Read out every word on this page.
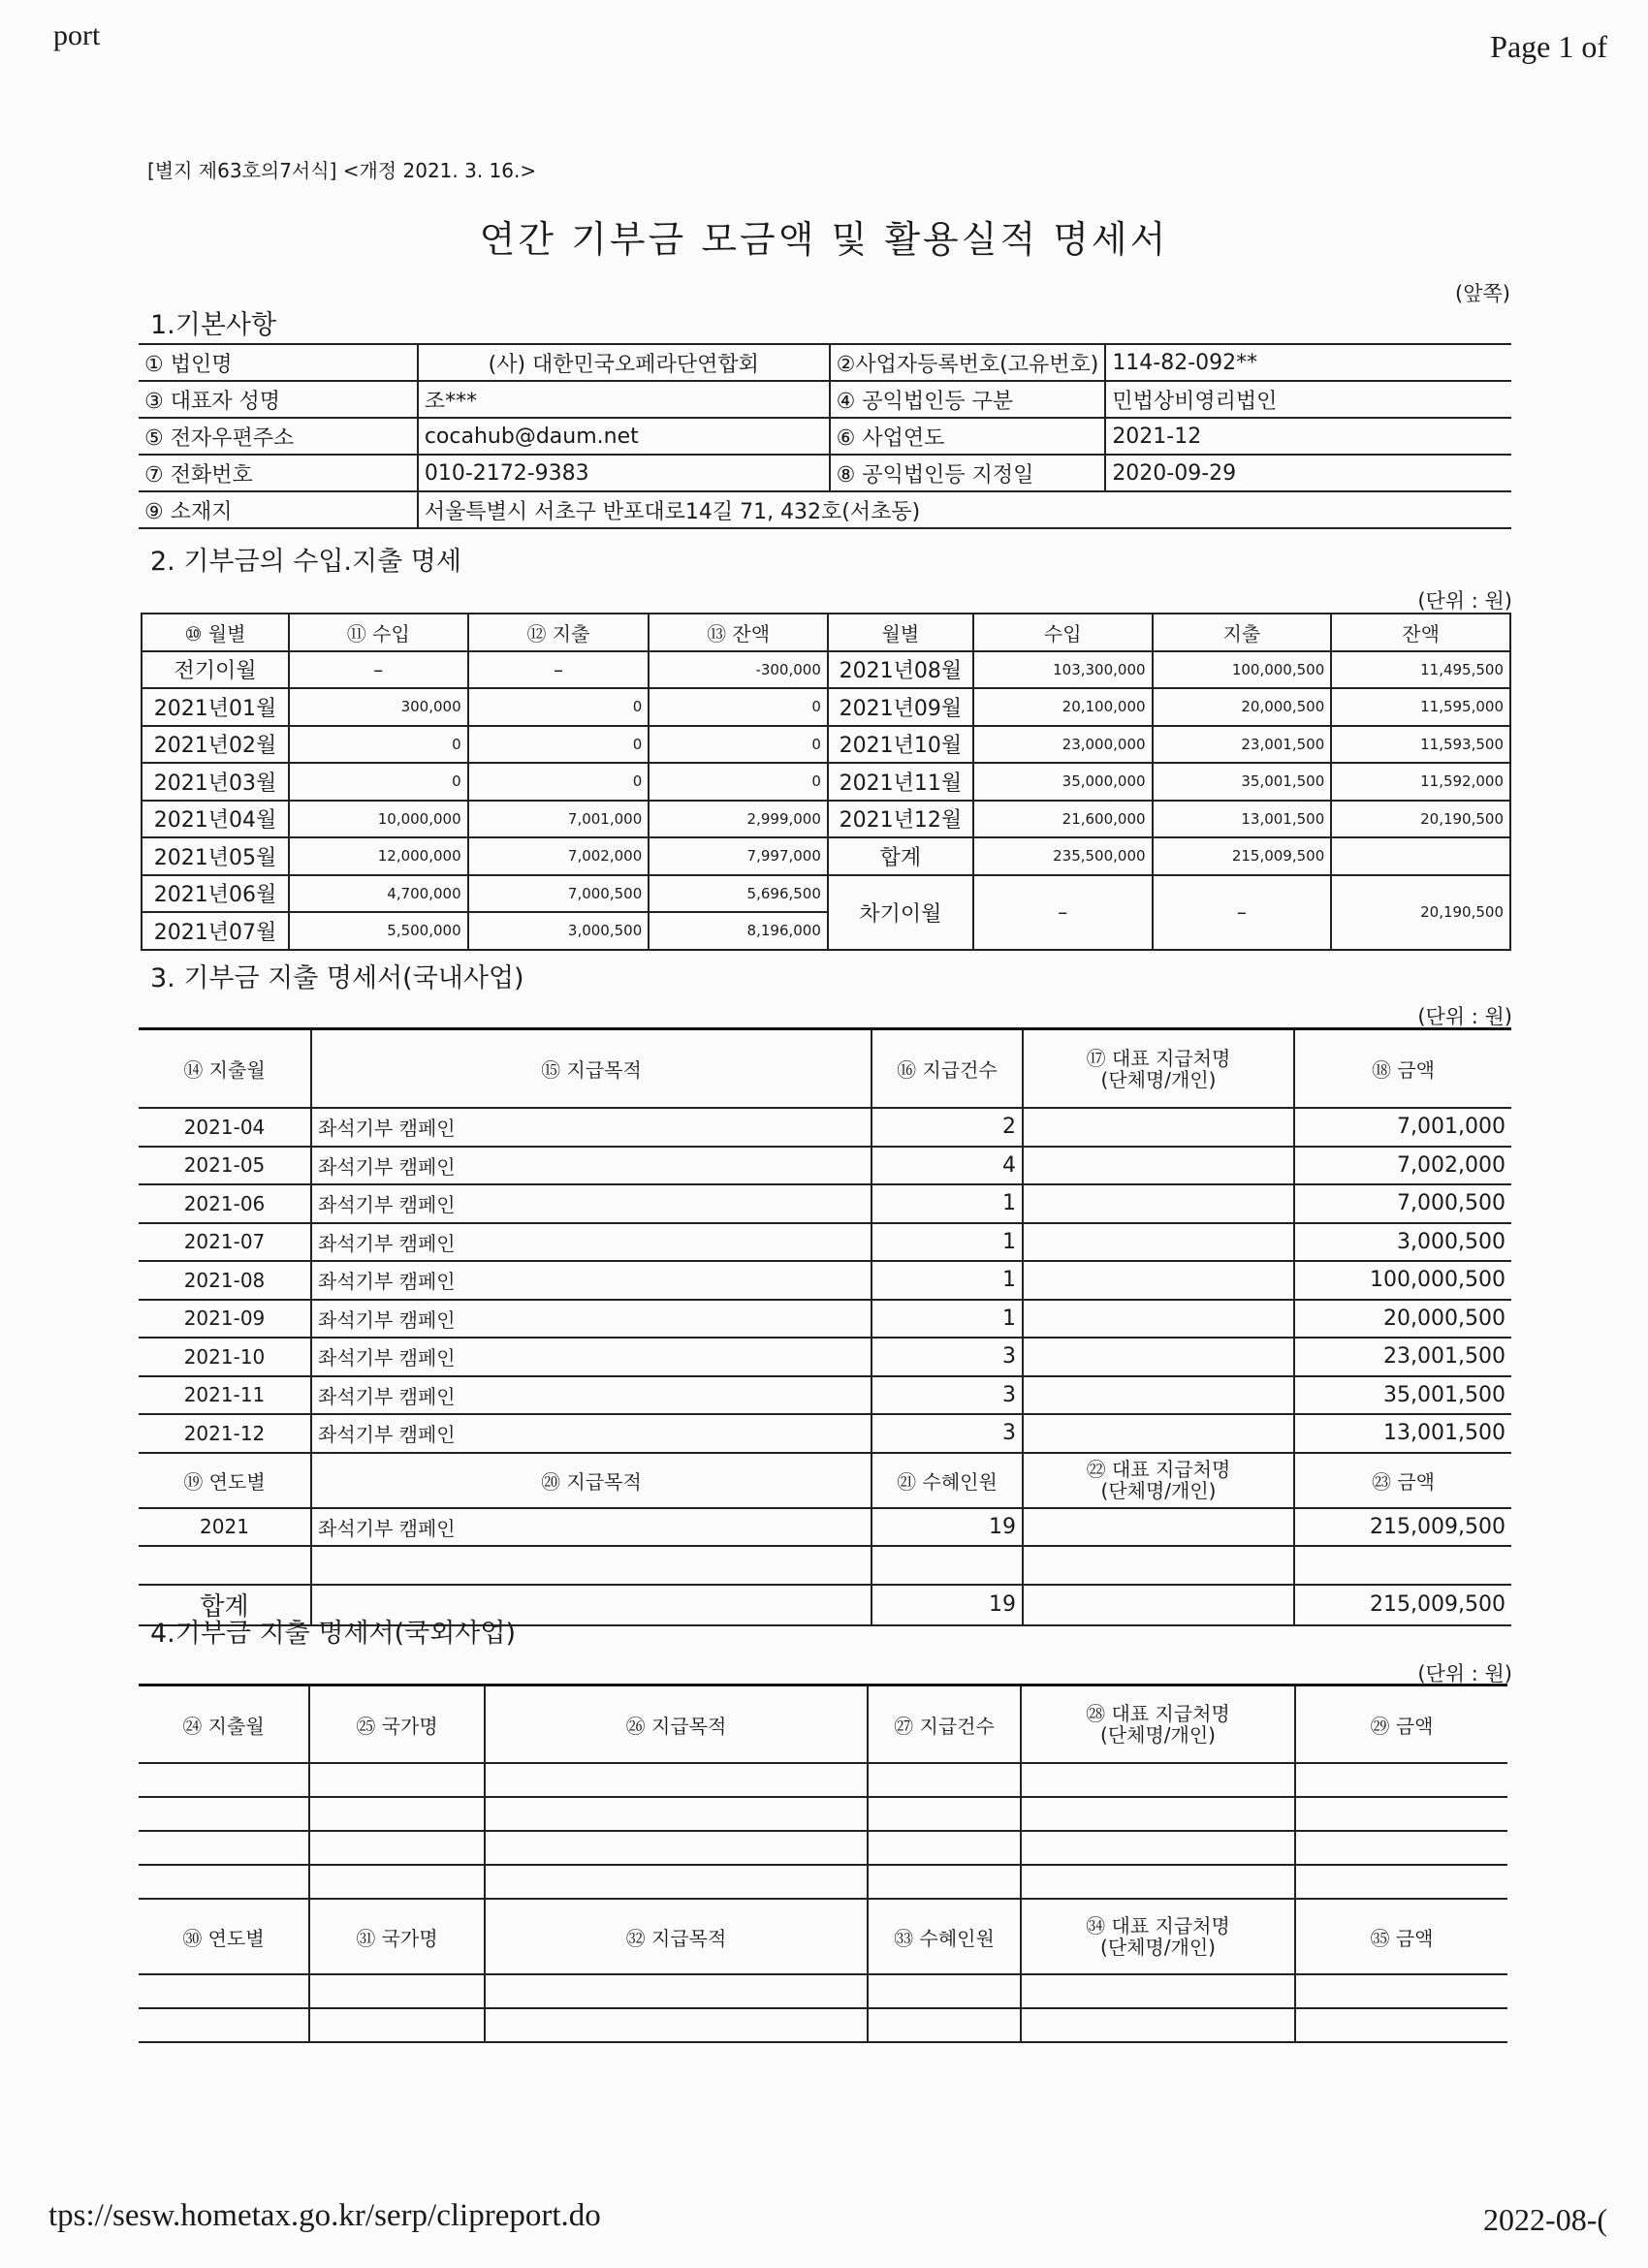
port	Page 1 of
tps://sesw.hometax.go.kr/serp/clipreport.do	2022-08-(
[별지 제63호의7서식] <개정 2021. 3. 16.>
연간 기부금 모금액 및 활용실적 명세서
(앞쪽)
1.기본사항
① 법인명	(사) 대한민국오페라단연합회	②사업자등록번호(고유번호)	114-82-092**
③ 대표자 성명	조***	④ 공익법인등 구분	민법상비영리법인
⑤ 전자우편주소	cocahub@daum.net	⑥ 사업연도	2021-12
⑦ 전화번호	010-2172-9383	⑧ 공익법인등 지정일	2020-09-29
⑨ 소재지	서울특별시 서초구 반포대로14길 71, 432호(서초동)		
2. 기부금의 수입.지출 명세
(단위 : 원)
⑩ 월별	⑪ 수입	⑫ 지출	⑬ 잔액	월별	수입	지출	잔액
전기이월	–	–	-300,000	2021년08월	103,300,000	100,000,500	11,495,500
2021년01월	300,000	0	0	2021년09월	20,100,000	20,000,500	11,595,000
2021년02월	0	0	0	2021년10월	23,000,000	23,001,500	11,593,500
2021년03월	0	0	0	2021년11월	35,000,000	35,001,500	11,592,000
2021년04월	10,000,000	7,001,000	2,999,000	2021년12월	21,600,000	13,001,500	20,190,500
2021년05월	12,000,000	7,002,000	7,997,000	합계	235,500,000	215,009,500	
2021년06월	4,700,000	7,000,500	5,696,500	차기이월	–	–	20,190,500
2021년07월	5,500,000	3,000,500	8,196,000				
3. 기부금 지출 명세서(국내사업)
(단위 : 원)
⑭ 지출월	⑮ 지급목적	⑯ 지급건수	⑰ 대표 지급처명
(단체명/개인)	⑱ 금액
2021-04	좌석기부 캠페인	2		7,001,000
2021-05	좌석기부 캠페인	4		7,002,000
2021-06	좌석기부 캠페인	1		7,000,500
2021-07	좌석기부 캠페인	1		3,000,500
2021-08	좌석기부 캠페인	1		100,000,500
2021-09	좌석기부 캠페인	1		20,000,500
2021-10	좌석기부 캠페인	3		23,001,500
2021-11	좌석기부 캠페인	3		35,001,500
2021-12	좌석기부 캠페인	3		13,001,500
⑲ 연도별	⑳ 지급목적	㉑ 수혜인원	㉒ 대표 지급처명
(단체명/개인)	㉓ 금액
2021	좌석기부 캠페인	19		215,009,500

합계		19		215,009,500
4.기부금 지출 명세서(국외사업)
(단위 : 원)
㉔ 지출월	㉕ 국가명	㉖ 지급목적	㉗ 지급건수	㉘ 대표 지급처명
(단체명/개인)	㉙ 금액

㉚ 연도별	㉛ 국가명	㉜ 지급목적	㉝ 수혜인원	㉞ 대표 지급처명
(단체명/개인)	㉟ 금액
